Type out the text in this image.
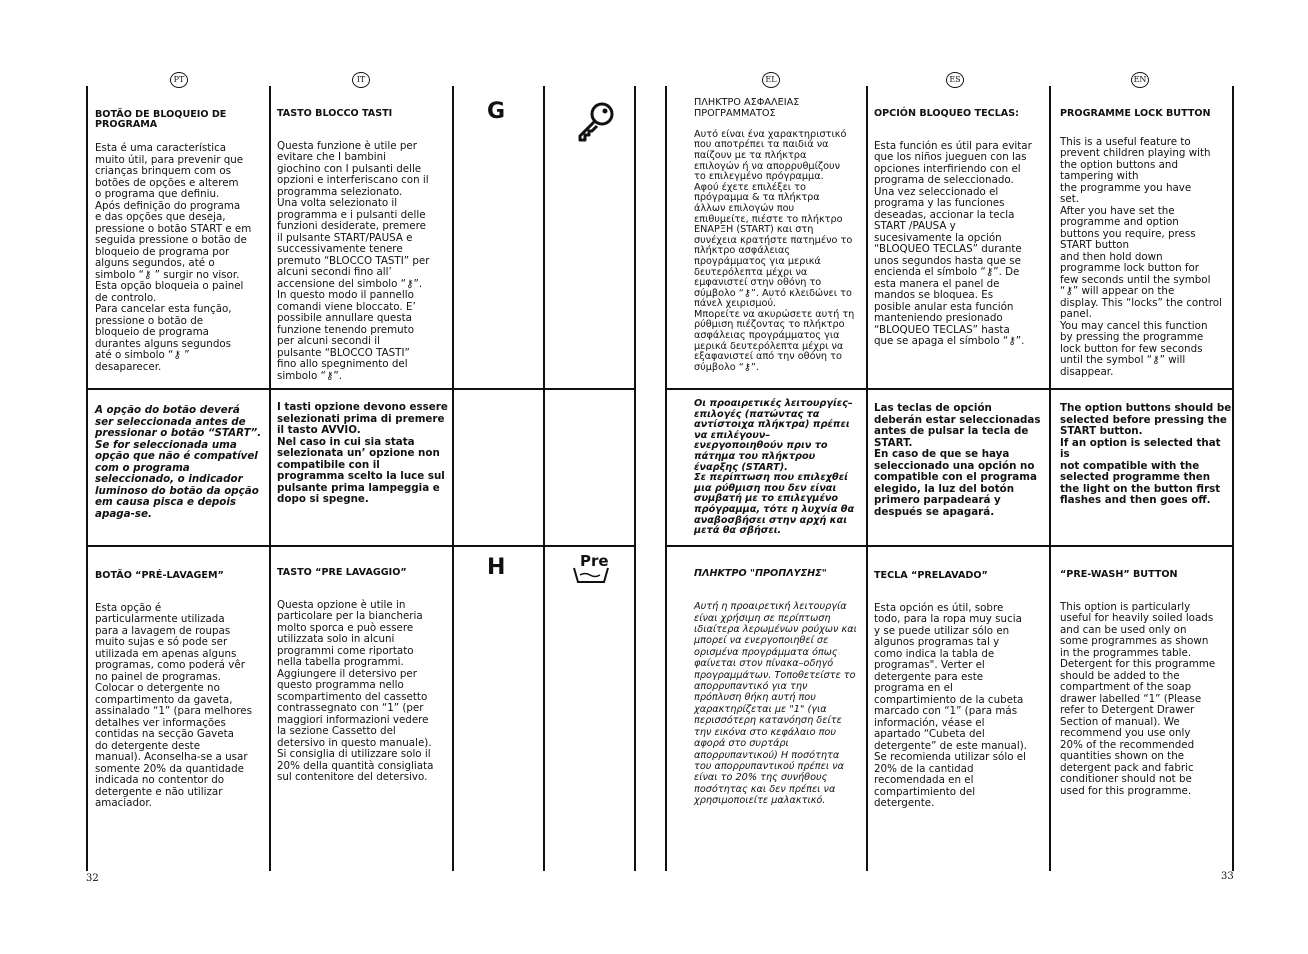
PT	IT

BOTÃO DE BLOQUEIO DE
PROGRAMA

Esta é uma característica
muito útil, para prevenir que
crianças brinquem com os
botões de opções e alterem
o programa que definiu.
Após definição do programa
e das opções que deseja,
pressione o botão START e em
seguida pressione o botão de
bloqueio de programa por
alguns segundos, até o
simbolo “⚷ ” surgir no visor.
Esta opção bloqueia o painel
de controlo.
Para cancelar esta função,
pressione o botão de
bloqueio de programa
durantes alguns segundos
até o simbolo “⚷ ”
desaparecer.

TASTO BLOCCO TASTI

Questa funzione è utile per
evitare che I bambini
giochino con I pulsanti delle
opzioni e interferiscano con il
programma selezionato.
Una volta selezionato il
programma e i pulsanti delle
funzioni desiderate, premere
il pulsante START/PAUSA e
successivamente tenere
premuto “BLOCCO TASTI” per
alcuni secondi fino all’
accensione del simbolo “⚷”.
In questo modo il pannello
comandi viene bloccato. E’
possibile annullare questa
funzione tenendo premuto
per alcuni secondi il
pulsante “BLOCCO TASTI”
fino allo spegnimento del
simbolo “⚷”.

G
A opção do botão deverá
ser seleccionada antes de
pressionar o botão “START”.
Se for seleccionada uma
opção que não é compatível
com o programa
seleccionado, o indicador
luminoso do botão da opção
em causa pisca e depois
apaga-se.
I tasti opzione devono essere
selezionati prima di premere
il tasto AVVIO.
Nel caso in cui sia stata
selezionata un’ opzione non
compatibile con il
programma scelto la luce sul
pulsante prima lampeggia e
dopo si spegne.

BOTÃO “PRÉ-LAVAGEM”

Esta opção é
particularmente utilizada
para a lavagem de roupas
muito sujas e só pode ser
utilizada em apenas alguns
programas, como poderá vêr
no painel de programas.
Colocar o detergente no
compartimento da gaveta,
assinalado “1” (para melhores
detalhes ver informações
contidas na secção Gaveta
do detergente deste
manual). Aconselha-se a usar
somente 20% da quantidade
indicada no contentor do
detergente e não utilizar
amaciador.

TASTO “PRE LAVAGGIO”

Questa opzione è utile in
particolare per la biancheria
molto sporca e può essere
utilizzata solo in alcuni
programmi come riportato
nella tabella programmi.
Aggiungere il detersivo per
questo programma nello
scompartimento del cassetto
contrassegnato con “1” (per
maggiori informazioni vedere
la sezione Cassetto del
detersivo in questo manuale).
Si consiglia di utilizzare solo il
20% della quantità consigliata
sul contenitore del detersivo.

H	Pre
32
EL	ES	EN
ΠΛΗΚΤΡΟ ΑΣΦΑΛΕΙΑΣ
ΠΡΟΓΡΑΜΜΑΤΟΣ

Αυτό είναι ένα χαρακτηριστικό
που αποτρέπει τα παιδιά να
παίζουν με τα πλήκτρα
επιλογών ή να απορρυθμίζουν
το επιλεγμένο πρόγραμμα.
Αφού έχετε επιλέξει το
πρόγραμμα & τα πλήκτρα
άλλων επιλογών που
επιθυμείτε, πιέστε το πλήκτρο
ΕΝΑΡΞΗ (START) και στη
συνέχεια κρατήστε πατημένο το
πλήκτρο ασφάλειας
προγράμματος για μερικά
δευτερόλεπτα μέχρι να
εμφανιστεί στην οθόνη το
σύμβολο “⚷”. Αυτό κλειδώνει το
πάνελ χειρισμού.
Μπορείτε να ακυρώσετε αυτή τη
ρύθμιση πιέζοντας το πλήκτρο
ασφάλειας προγράμματος για
μερικά δευτερόλεπτα μέχρι να
εξαφανιστεί από την οθόνη το
σύμβολο “⚷”.

OPCIÓN BLOQUEO TECLAS:

Esta función es útil para evitar
que los niños jueguen con las
opciones interfiriendo con el
programa de seleccionado.
Una vez seleccionado el
programa y las funciones
deseadas, accionar la tecla
START /PAUSA y
sucesivamente la opción
“BLOQUEO TECLAS” durante
unos segundos hasta que se
encienda el símbolo “⚷”. De
esta manera el panel de
mandos se bloquea. Es
posible anular esta función
manteniendo presionado
“BLOQUEO TECLAS” hasta
que se apaga el símbolo “⚷”.

PROGRAMME LOCK BUTTON

This is a useful feature to
prevent children playing with
the option buttons and
tampering with
the programme you have
set.
After you have set the
programme and option
buttons you require, press
START button
and then hold down
programme lock button for
few seconds until the symbol
“⚷” will appear on the
display. This “locks” the control
panel.
You may cancel this function
by pressing the programme
lock button for few seconds
until the symbol “⚷” will
disappear.

Οι προαιρετικές λειτουργίες–
επιλογές (πατώντας τα
αντίστοιχα πλήκτρα) πρέπει
να επιλέγουν–
ενεργοποιηθούν πριν το
πάτημα του πλήκτρου
έναρξης (START).
Σε περίπτωση που επιλεχθεί
μια ρύθμιση που δεν είναι
συμβατή με το επιλεγμένο
πρόγραμμα, τότε η λυχνία θα
αναβοσβήσει στην αρχή και
μετά θα σβήσει.
Las teclas de opción
deberán estar seleccionadas
antes de pulsar la tecla de
START.
En caso de que se haya
seleccionado una opción no
compatible con el programa
elegido, la luz del botón
primero parpadeará y
después se apagará.
The option buttons should be
selected before pressing the
START button.
If an option is selected that is
not compatible with the
selected programme then
the light on the button first
flashes and then goes off.

ΠΛΗΚΤΡΟ "ΠΡΟΠΛΥΣΗΣ"

Αυτή η προαιρετική λειτουργία
είναι χρήσιμη σε περίπτωση
ιδιαίτερα λερωμένων ρούχων και
μπορεί να ενεργοποιηθεί σε
ορισμένα προγράμματα όπως
φαίνεται στον πίνακα–οδηγό
προγραμμάτων. Τοποθετείστε το
απορρυπαντικό για την
πρόπλυση θήκη αυτή που
χαρακτηρίζεται με "1" (για
περισσότερη κατανόηση δείτε
την εικόνα στο κεφάλαιο που
αφορά στο συρτάρι
απορρυπαντικού) Η ποσότητα
του απορρυπαντικού πρέπει να
είναι το 20% της συνήθους
ποσότητας και δεν πρέπει να
χρησιμοποιείτε μαλακτικό.

TECLA “PRELAVADO”

Esta opción es útil, sobre
todo, para la ropa muy sucia
y se puede utilizar sólo en
algunos programas tal y
como indica la tabla de
programas". Verter el
detergente para este
programa en el
compartimiento de la cubeta
marcado con “1” (para más
información, véase el
apartado “Cubeta del
detergente” de este manual).
Se recomienda utilizar sólo el
20% de la cantidad
recomendada en el
compartimiento del
detergente.

“PRE-WASH” BUTTON

This option is particularly
useful for heavily soiled loads
and can be used only on
some programmes as shown
in the programmes table.
Detergent for this programme
should be added to the
compartment of the soap
drawer labelled “1” (Please
refer to Detergent Drawer
Section of manual). We
recommend you use only
20% of the recommended
quantities shown on the
detergent pack and fabric
conditioner should not be
used for this programme.

33
